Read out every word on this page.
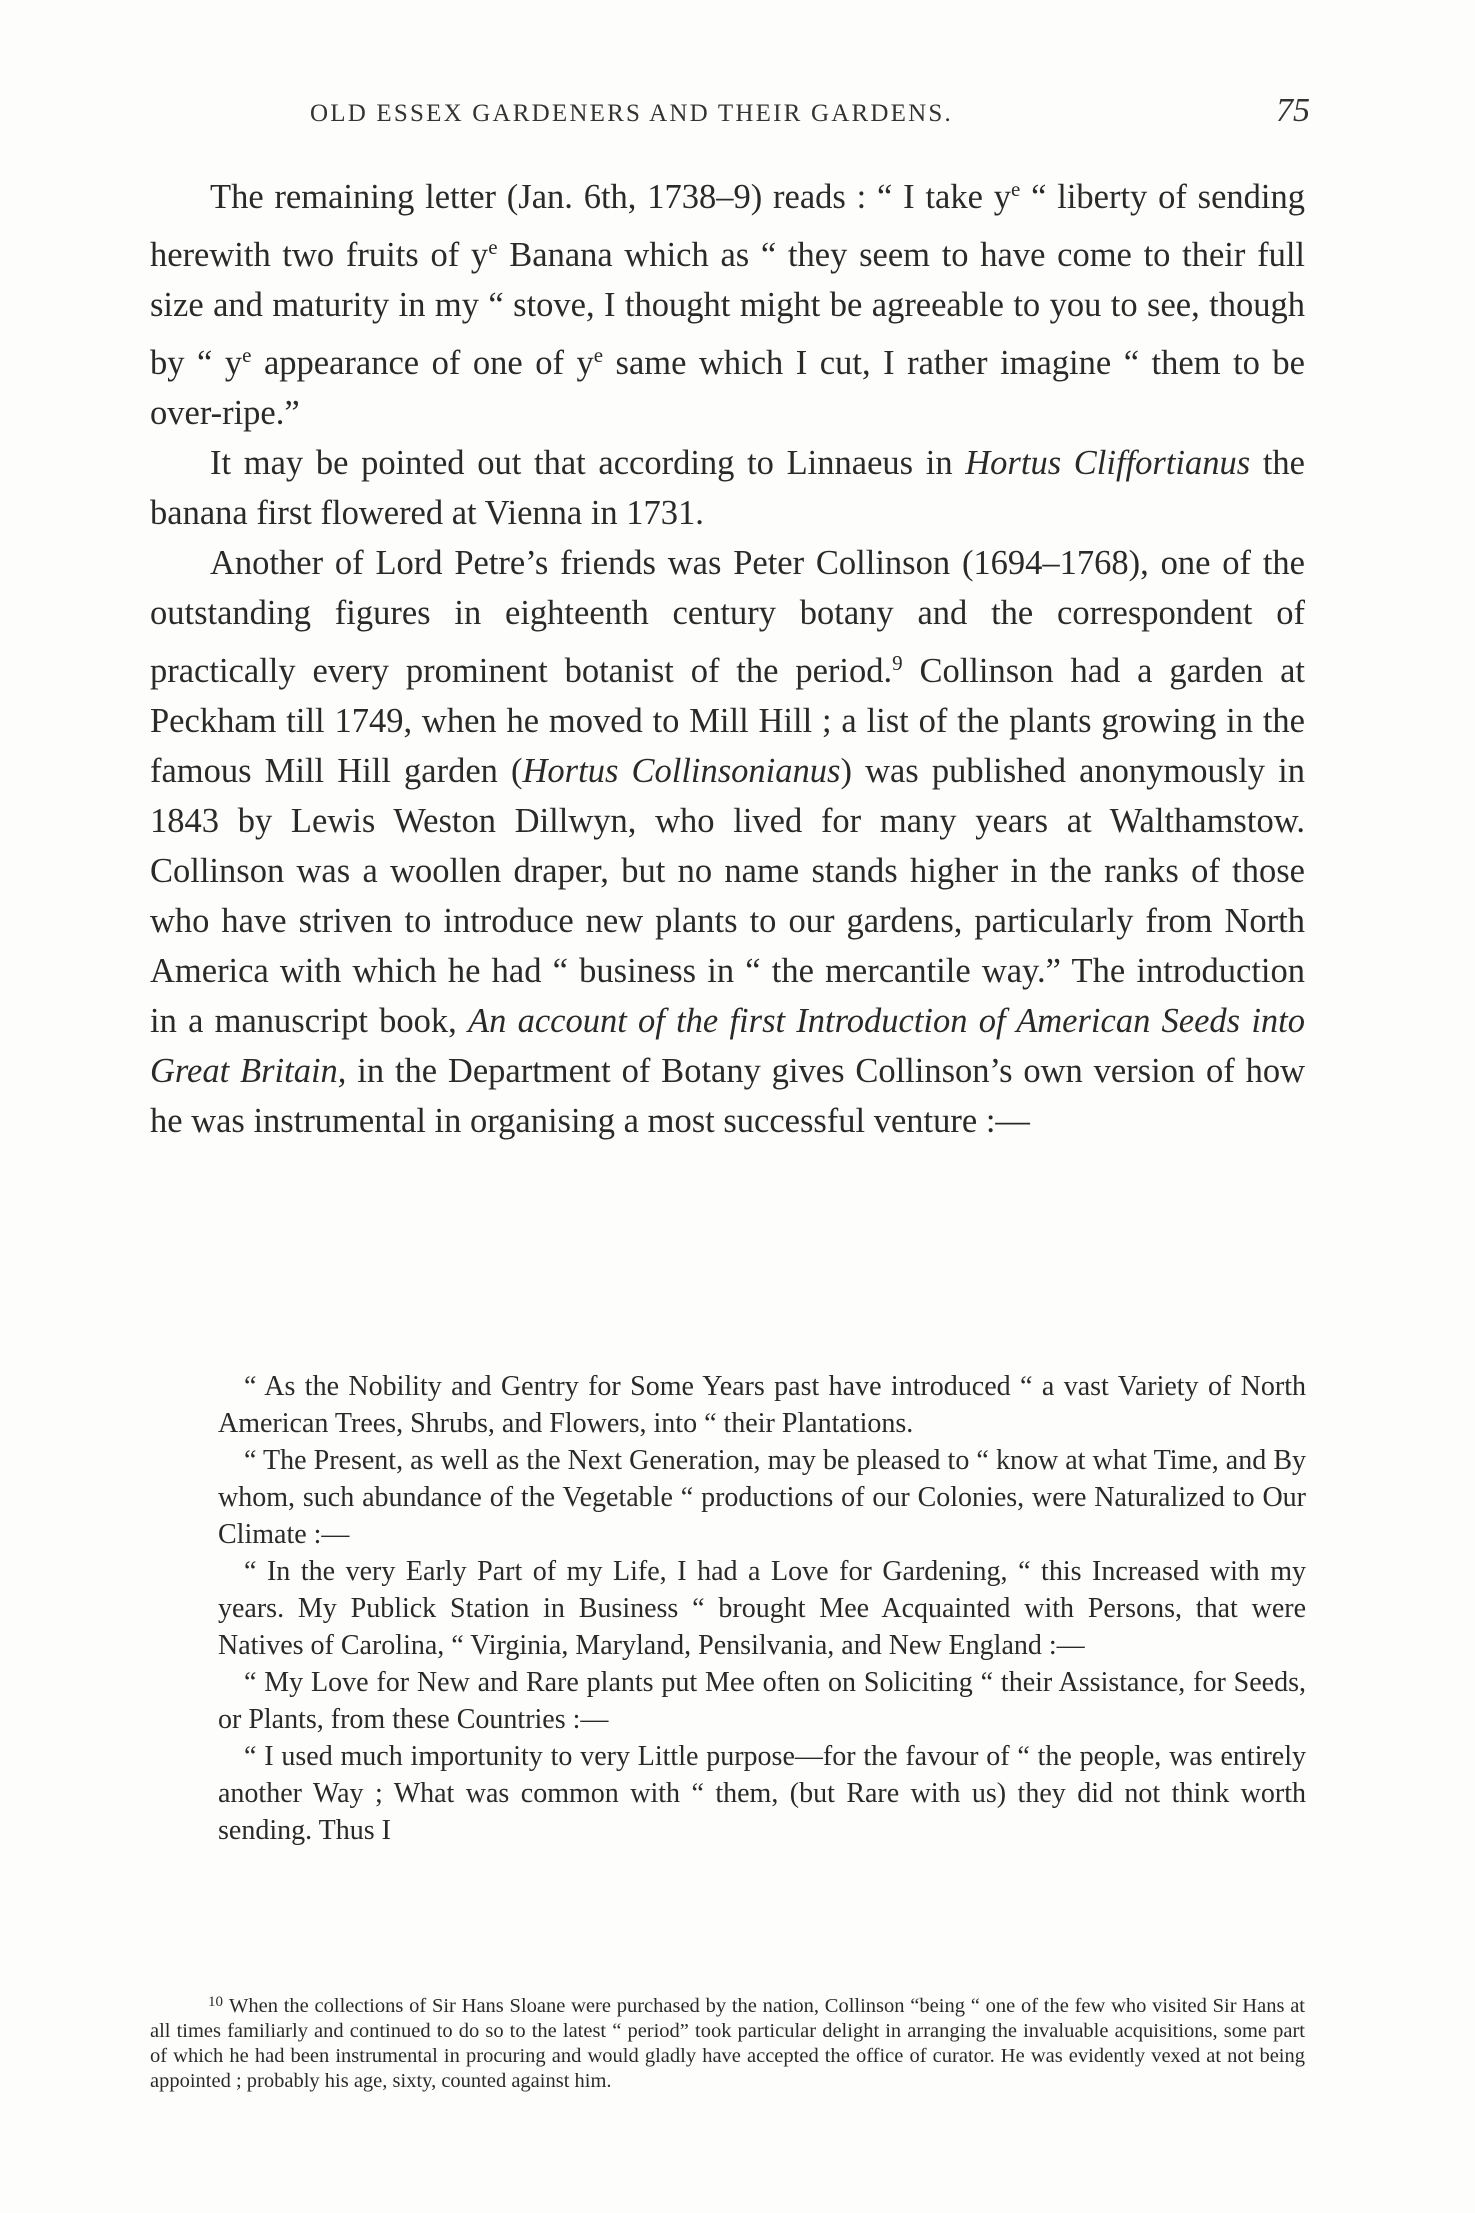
OLD ESSEX GARDENERS AND THEIR GARDENS.	75

The remaining letter (Jan. 6th, 1738–9) reads : “ I take $y^e$ “ liberty of sending herewith two fruits of $y^e$ Banana which as “ they seem to have come to their full size and maturity in my “ stove, I thought might be agreeable to you to see, though by “ $y^e$ appearance of one of $y^e$ same which I cut, I rather imagine “ them to be over-ripe.”

It may be pointed out that according to Linnaeus in Hortus Cliffortianus the banana first flowered at Vienna in 1731.

Another of Lord Petre’s friends was Peter Collinson (1694–1768), one of the outstanding figures in eighteenth century botany and the correspondent of practically every prominent botanist of the period.$^9$ Collinson had a garden at Peckham till 1749, when he moved to Mill Hill ; a list of the plants growing in the famous Mill Hill garden (Hortus Collinsonianus) was published anonymously in 1843 by Lewis Weston Dillwyn, who lived for many years at Walthamstow. Collinson was a woollen draper, but no name stands higher in the ranks of those who have striven to introduce new plants to our gardens, particularly from North America with which he had “ business in “ the mercantile way.” The introduction in a manuscript book, An account of the first Introduction of American Seeds into Great Britain, in the Department of Botany gives Collinson’s own version of how he was instrumental in organising a most successful venture :—

“ As the Nobility and Gentry for Some Years past have introduced “ a vast Variety of North American Trees, Shrubs, and Flowers, into “ their Plantations.

“ The Present, as well as the Next Generation, may be pleased to “ know at what Time, and By whom, such abundance of the Vegetable “ productions of our Colonies, were Naturalized to Our Climate :—

“ In the very Early Part of my Life, I had a Love for Gardening, “ this Increased with my years. My Publick Station in Business “ brought Mee Acquainted with Persons, that were Natives of Carolina, “ Virginia, Maryland, Pensilvania, and New England :—

“ My Love for New and Rare plants put Mee often on Soliciting “ their Assistance, for Seeds, or Plants, from these Countries :—

“ I used much importunity to very Little purpose—for the favour of “ the people, was entirely another Way ; What was common with “ them, (but Rare with us) they did not think worth sending. Thus I

$^{10}$ When the collections of Sir Hans Sloane were purchased by the nation, Collinson “being “ one of the few who visited Sir Hans at all times familiarly and continued to do so to the latest “ period” took particular delight in arranging the invaluable acquisitions, some part of which he had been instrumental in procuring and would gladly have accepted the office of curator. He was evidently vexed at not being appointed ; probably his age, sixty, counted against him.
